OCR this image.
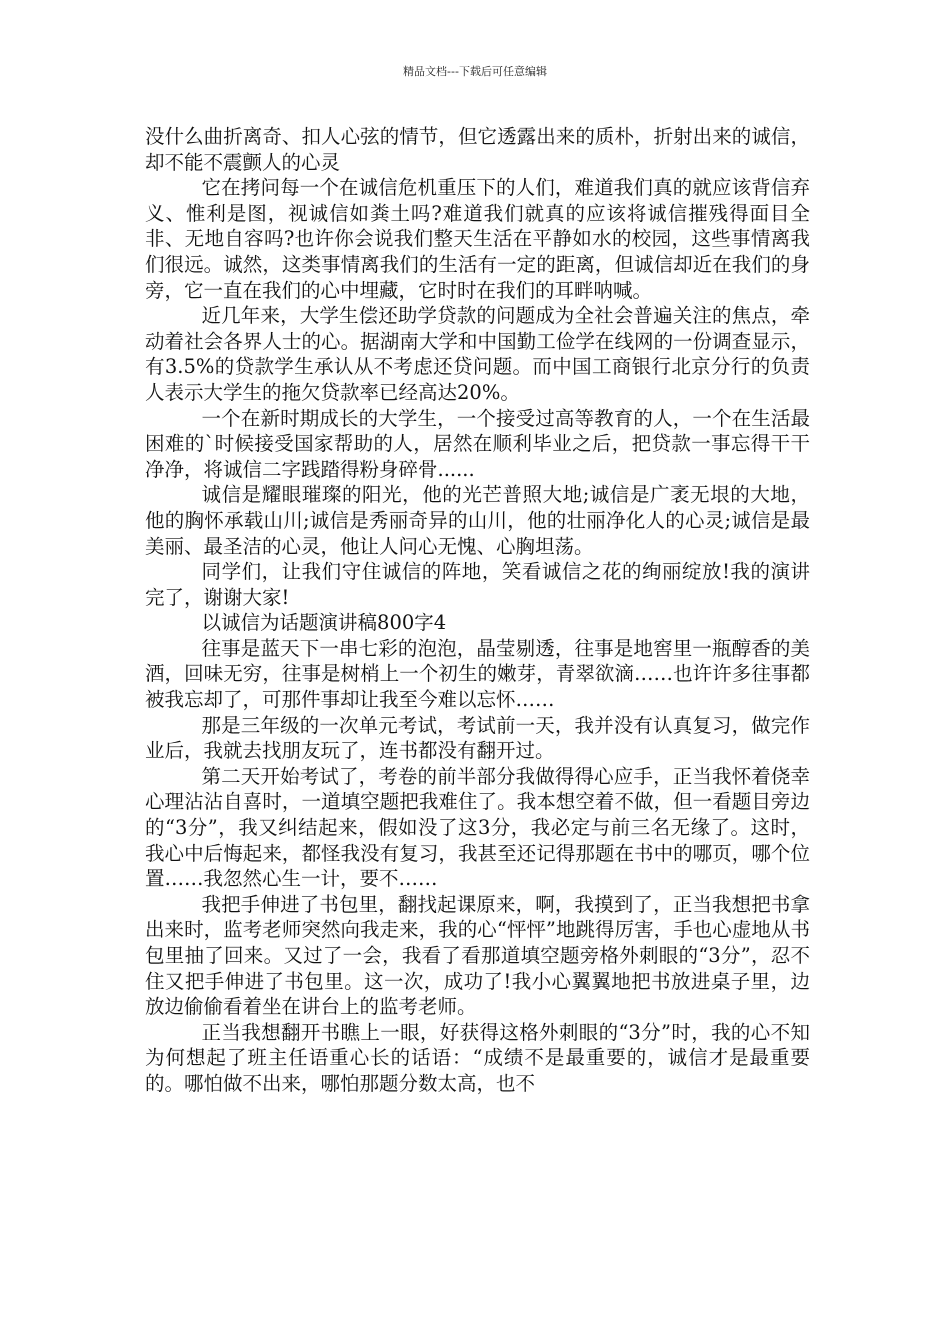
精品文档---下载后可任意编辑

没什么曲折离奇、扣人心弦的情节，但它透露出来的质朴，折射出来的诚信，却不能不震颤人的心灵

它在拷问每一个在诚信危机重压下的人们，难道我们真的就应该背信弃义、惟利是图，视诚信如粪土吗?难道我们就真的应该将诚信摧残得面目全非、无地自容吗?也许你会说我们整天生活在平静如水的校园，这些事情离我们很远。诚然，这类事情离我们的生活有一定的距离，但诚信却近在我们的身旁，它一直在我们的心中埋藏，它时时在我们的耳畔呐喊。

近几年来，大学生偿还助学贷款的问题成为全社会普遍关注的焦点，牵动着社会各界人士的心。据湖南大学和中国勤工俭学在线网的一份调查显示，有3.5%的贷款学生承认从不考虑还贷问题。而中国工商银行北京分行的负责人表示大学生的拖欠贷款率已经高达20%。

一个在新时期成长的大学生，一个接受过高等教育的人，一个在生活最困难的`时候接受国家帮助的人，居然在顺利毕业之后，把贷款一事忘得干干净净，将诚信二字践踏得粉身碎骨......

诚信是耀眼璀璨的阳光，他的光芒普照大地;诚信是广袤无垠的大地，他的胸怀承载山川;诚信是秀丽奇异的山川，他的壮丽净化人的心灵;诚信是最美丽、最圣洁的心灵，他让人问心无愧、心胸坦荡。

同学们，让我们守住诚信的阵地，笑看诚信之花的绚丽绽放!我的演讲完了，谢谢大家!

以诚信为话题演讲稿800字4

往事是蓝天下一串七彩的泡泡，晶莹剔透，往事是地窖里一瓶醇香的美酒，回味无穷，往事是树梢上一个初生的嫩芽，青翠欲滴……也许许多往事都被我忘却了，可那件事却让我至今难以忘怀……

那是三年级的一次单元考试，考试前一天，我并没有认真复习，做完作业后，我就去找朋友玩了，连书都没有翻开过。

第二天开始考试了，考卷的前半部分我做得得心应手，正当我怀着侥幸心理沾沾自喜时，一道填空题把我难住了。我本想空着不做，但一看题目旁边的“3分”，我又纠结起来，假如没了这3分，我必定与前三名无缘了。这时，我心中后悔起来，都怪我没有复习，我甚至还记得那题在书中的哪页，哪个位置……我忽然心生一计，要不……

我把手伸进了书包里，翻找起课原来，啊，我摸到了，正当我想把书拿出来时，监考老师突然向我走来，我的心“怦怦”地跳得厉害，手也心虚地从书包里抽了回来。又过了一会，我看了看那道填空题旁格外刺眼的“3分”，忍不住又把手伸进了书包里。这一次，成功了!我小心翼翼地把书放进桌子里，边放边偷偷看着坐在讲台上的监考老师。

正当我想翻开书瞧上一眼，好获得这格外刺眼的“3分”时，我的心不知为何想起了班主任语重心长的话语：“成绩不是最重要的，诚信才是最重要的。哪怕做不出来，哪怕那题分数太高，也不
